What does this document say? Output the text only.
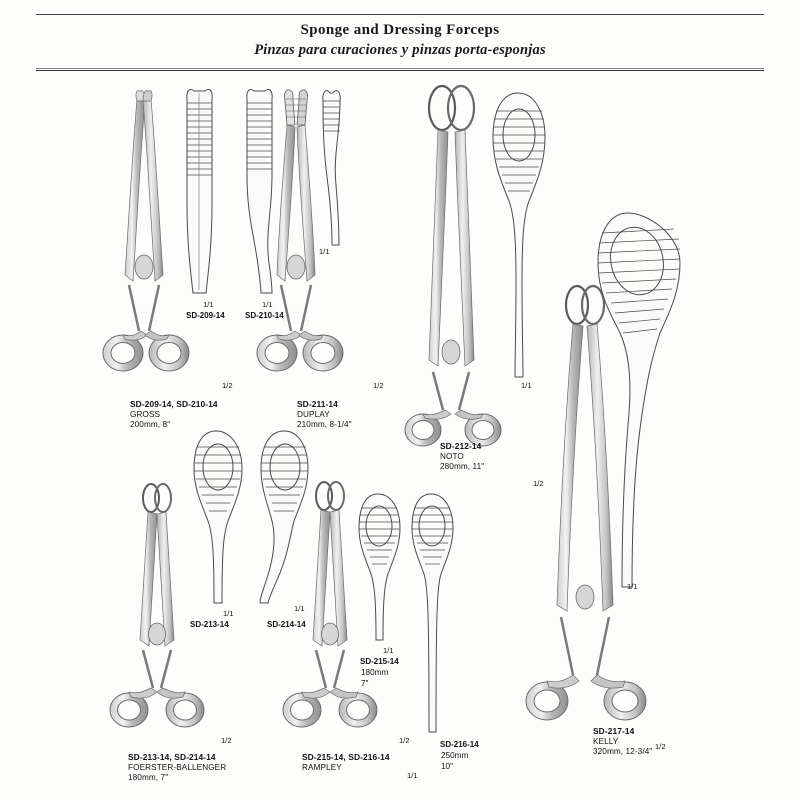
Sponge and Dressing Forceps
Pinzas para curaciones y pinzas porta-esponjas
1/1
SD-209-14
1/1
SD-210-14
1/2
SD-209-14, SD-210-14
GROSS
200mm, 8"
1/1
1/2
SD-211-14
DUPLAY
210mm, 8-1/4"
1/1
SD-212-14
NOTO
280mm, 11"
1/2
1/1
1/2
SD-217-14
KELLY
320mm, 12-3/4"
1/1
SD-213-14
1/1
SD-214-14
1/2
SD-213-14, SD-214-14
FOERSTER-BALLENGER
180mm, 7"
1/1
SD-215-14
180mm
7"
SD-216-14
250mm
10"
1/1
1/2
SD-215-14, SD-216-14
RAMPLEY
